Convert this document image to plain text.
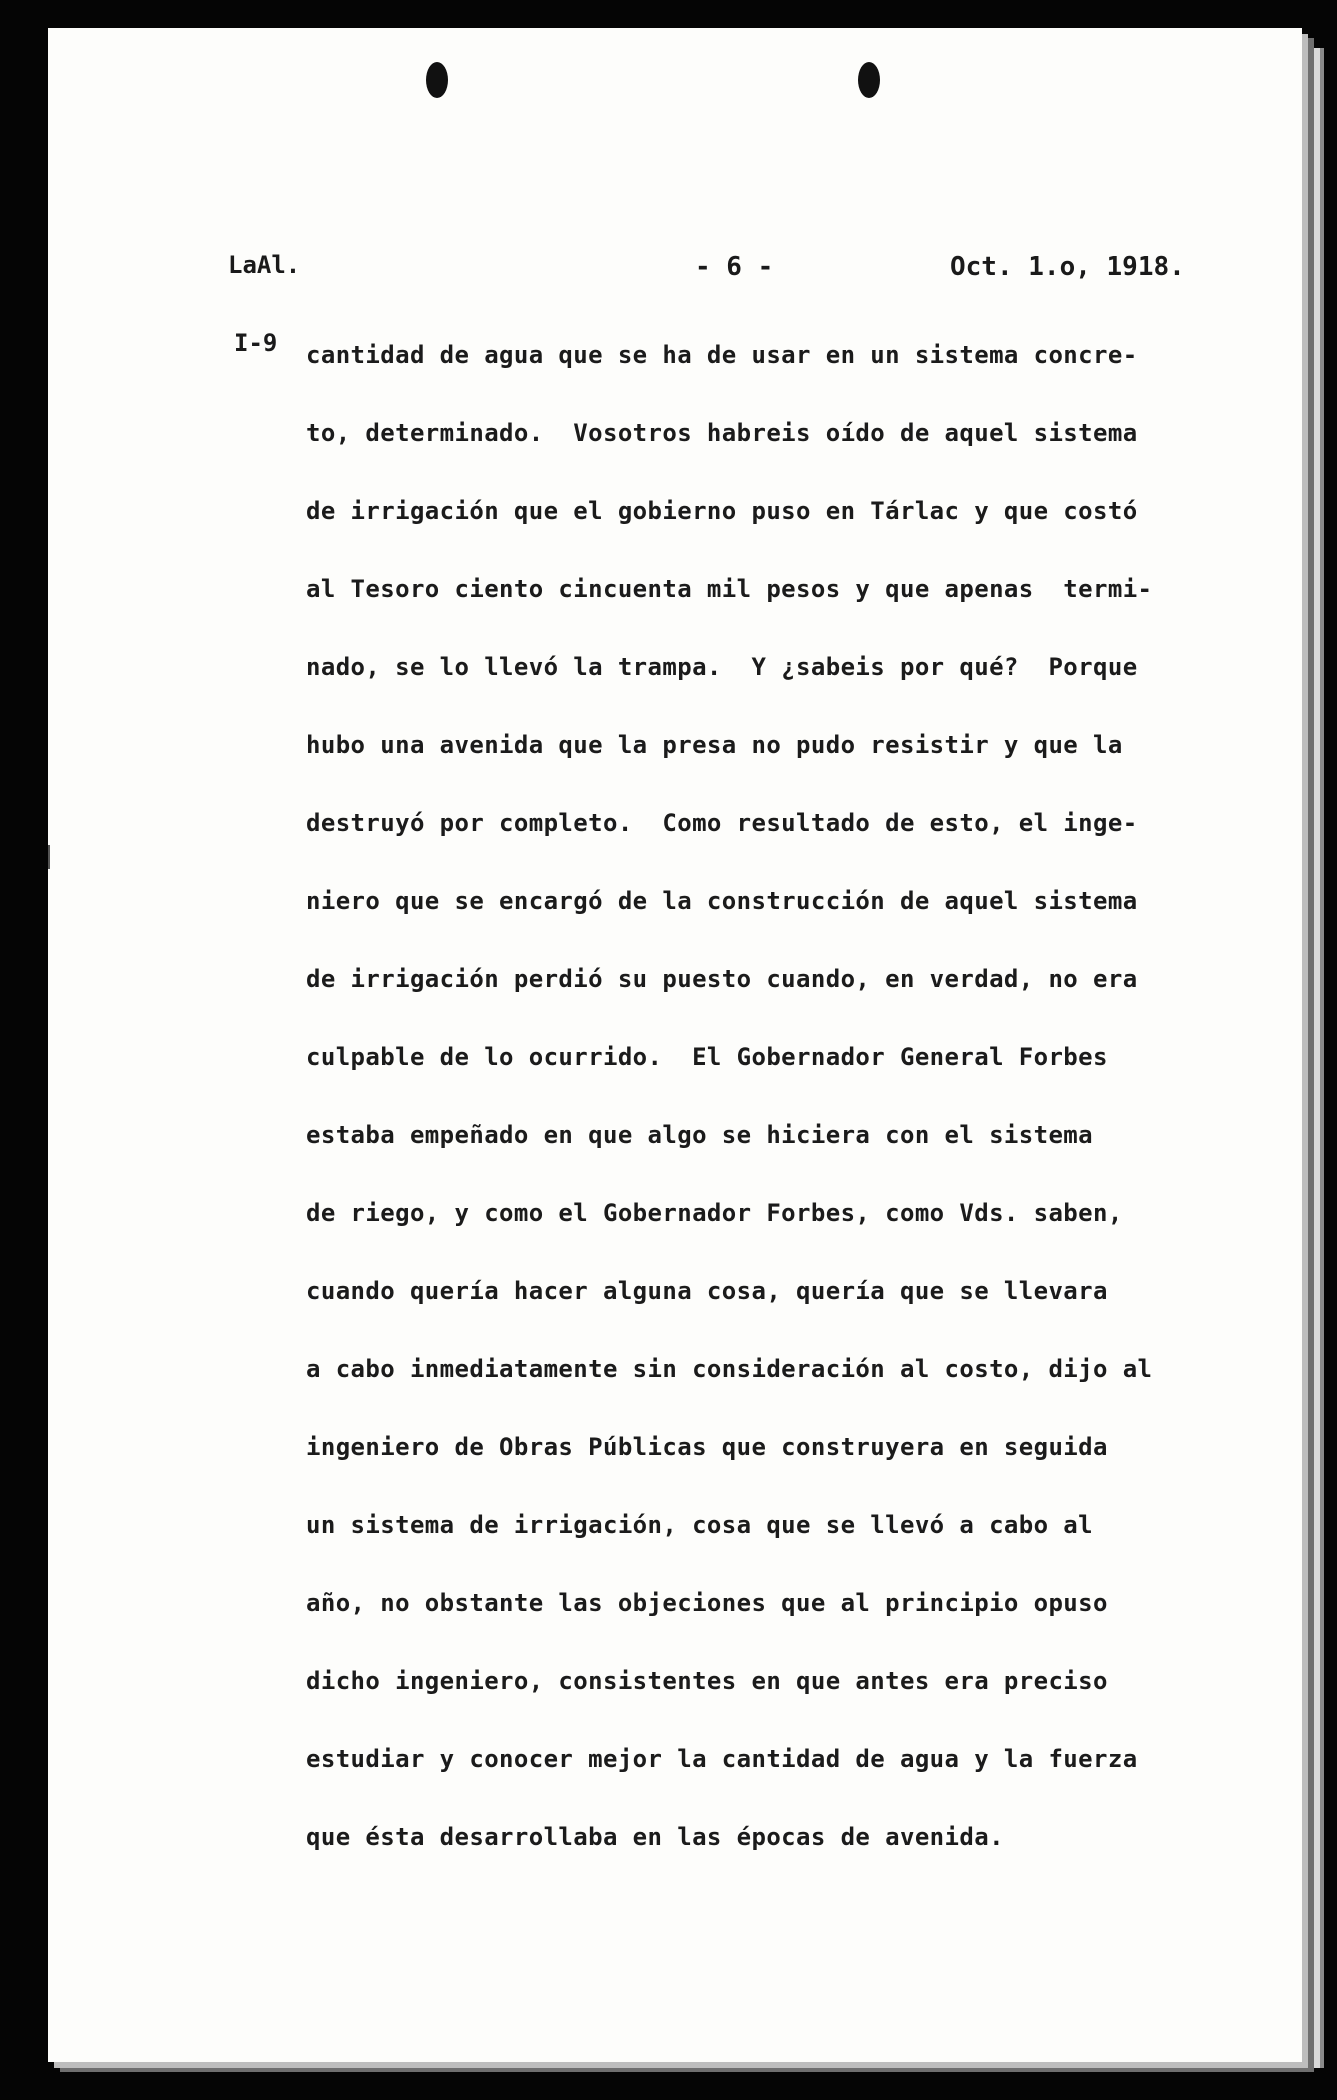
LaAl.

I-9

- 6 -	Oct. 1.o, 1918.
cantidad de agua que se ha de usar en un sistema concre-
to, determinado.  Vosotros habreis oído de aquel sistema
de irrigación que el gobierno puso en Tárlac y que costó
al Tesoro ciento cincuenta mil pesos y que apenas  termi-
nado, se lo llevó la trampa.  Y ¿sabeis por qué?  Porque
hubo una avenida que la presa no pudo resistir y que la
destruyó por completo.  Como resultado de esto, el inge-
niero que se encargó de la construcción de aquel sistema
de irrigación perdió su puesto cuando, en verdad, no era
culpable de lo ocurrido.  El Gobernador General Forbes
estaba empeñado en que algo se hiciera con el sistema
de riego, y como el Gobernador Forbes, como Vds. saben,
cuando quería hacer alguna cosa, quería que se llevara
a cabo inmediatamente sin consideración al costo, dijo al
ingeniero de Obras Públicas que construyera en seguida
un sistema de irrigación, cosa que se llevó a cabo al
año, no obstante las objeciones que al principio opuso
dicho ingeniero, consistentes en que antes era preciso
estudiar y conocer mejor la cantidad de agua y la fuerza
que ésta desarrollaba en las épocas de avenida.
